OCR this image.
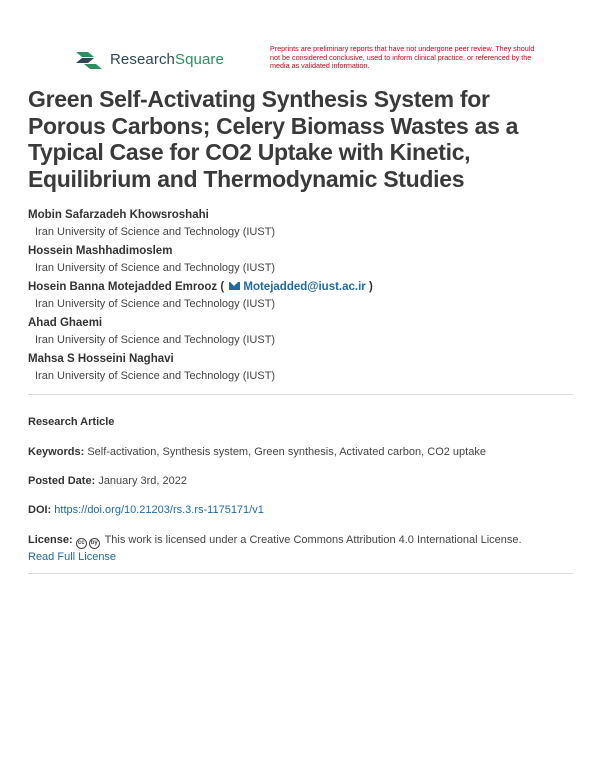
ResearchSquare
Preprints are preliminary reports that have not undergone peer review. They should not be considered conclusive, used to inform clinical practice, or referenced by the media as validated information.
Green Self-Activating Synthesis System for Porous Carbons; Celery Biomass Wastes as a Typical Case for CO2 Uptake with Kinetic, Equilibrium and Thermodynamic Studies
Mobin Safarzadeh Khowsroshahi
Iran University of Science and Technology (IUST)
Hossein Mashhadimoslem
Iran University of Science and Technology (IUST)
Hosein Banna Motejadded Emrooz ( Motejadded@iust.ac.ir )
Iran University of Science and Technology (IUST)
Ahad Ghaemi
Iran University of Science and Technology (IUST)
Mahsa S Hosseini Naghavi
Iran University of Science and Technology (IUST)
Research Article
Keywords: Self-activation, Synthesis system, Green synthesis, Activated carbon, CO2 uptake
Posted Date: January 3rd, 2022
DOI: https://doi.org/10.21203/rs.3.rs-1175171/v1
License: cc by This work is licensed under a Creative Commons Attribution 4.0 International License.
Read Full License
